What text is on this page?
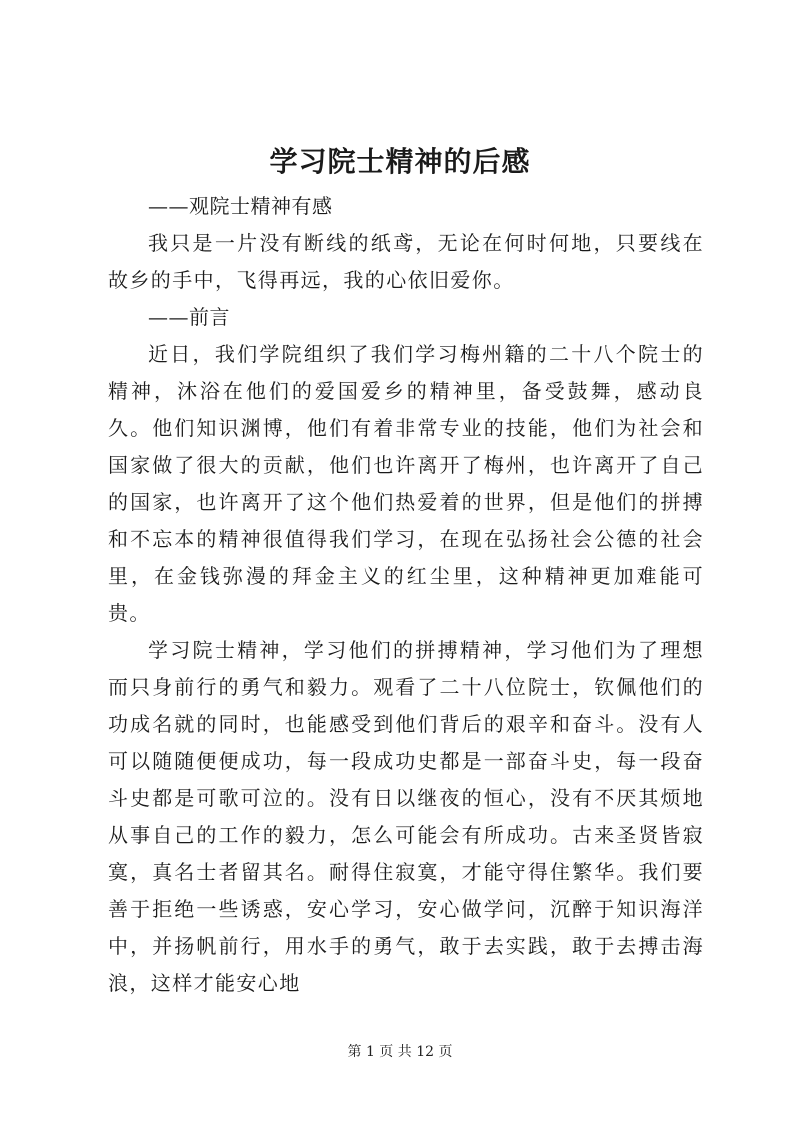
学习院士精神的后感

——观院士精神有感

我只是一片没有断线的纸鸢，无论在何时何地，只要线在故乡的手中，飞得再远，我的心依旧爱你。

——前言

近日，我们学院组织了我们学习梅州籍的二十八个院士的精神，沐浴在他们的爱国爱乡的精神里，备受鼓舞，感动良久。他们知识渊博，他们有着非常专业的技能，他们为社会和国家做了很大的贡献，他们也许离开了梅州，也许离开了自己的国家，也许离开了这个他们热爱着的世界，但是他们的拼搏和不忘本的精神很值得我们学习，在现在弘扬社会公德的社会里，在金钱弥漫的拜金主义的红尘里，这种精神更加难能可贵。

学习院士精神，学习他们的拼搏精神，学习他们为了理想而只身前行的勇气和毅力。观看了二十八位院士，钦佩他们的功成名就的同时，也能感受到他们背后的艰辛和奋斗。没有人可以随随便便成功，每一段成功史都是一部奋斗史，每一段奋斗史都是可歌可泣的。没有日以继夜的恒心，没有不厌其烦地从事自己的工作的毅力，怎么可能会有所成功。古来圣贤皆寂寞，真名士者留其名。耐得住寂寞，才能守得住繁华。我们要善于拒绝一些诱惑，安心学习，安心做学问，沉醉于知识海洋中，并扬帆前行，用水手的勇气，敢于去实践，敢于去搏击海浪，这样才能安心地

第 1 页 共 12 页
